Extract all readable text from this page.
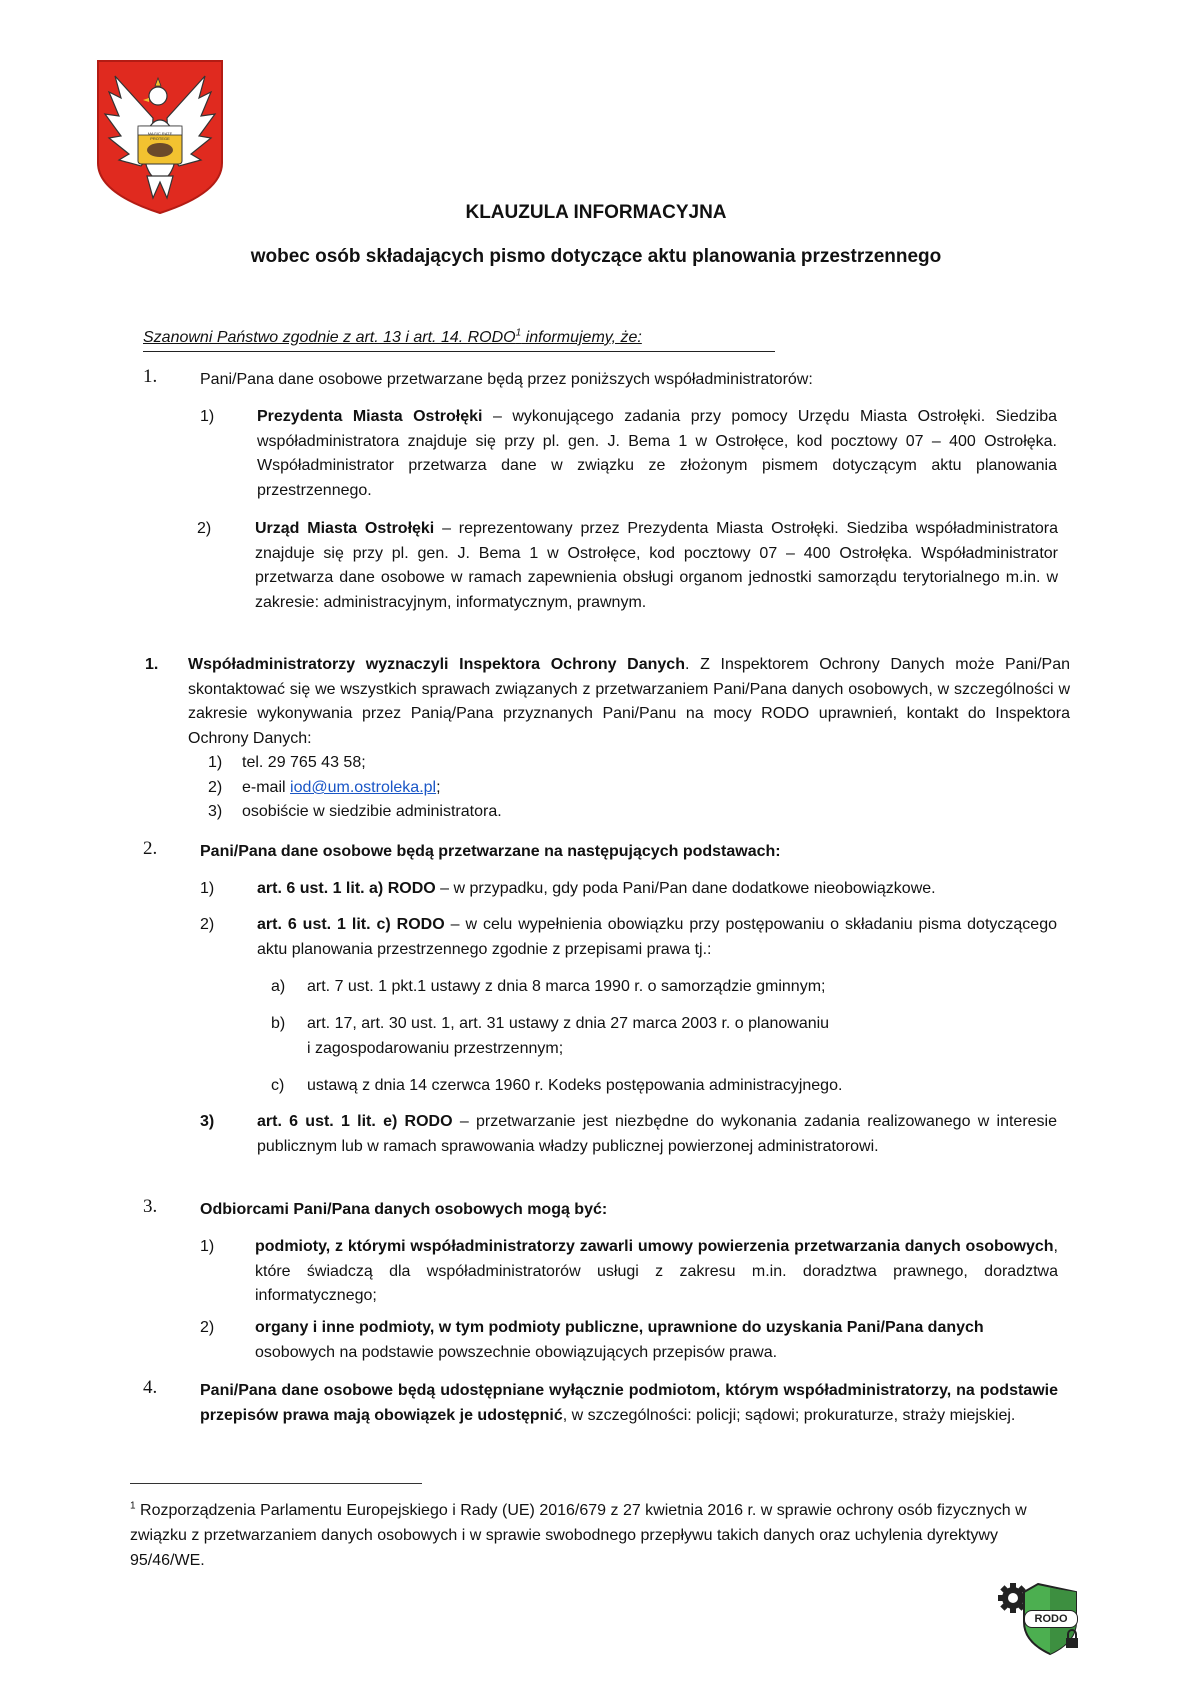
MAGIC RATE PROTEGE
KLAUZULA INFORMACYJNA
wobec osób składających pismo dotyczące aktu planowania przestrzennego
Szanowni Państwo zgodnie z art. 13 i art. 14. RODO$^1$ informujemy, że:
1.	Pani/Pana dane osobowe przetwarzane będą przez poniższych współadministratorów:
1)	Prezydenta Miasta Ostrołęki – wykonującego zadania przy pomocy Urzędu Miasta Ostrołęki. Siedziba współadministratora znajduje się przy pl. gen. J. Bema 1 w Ostrołęce, kod pocztowy 07 – 400 Ostrołęka. Współadministrator przetwarza dane w związku ze złożonym pismem dotyczącym aktu planowania przestrzennego.
2)	Urząd Miasta Ostrołęki – reprezentowany przez Prezydenta Miasta Ostrołęki. Siedziba współadministratora znajduje się przy pl. gen. J. Bema 1 w Ostrołęce, kod pocztowy 07 – 400 Ostrołęka. Współadministrator przetwarza dane osobowe w ramach zapewnienia obsługi organom jednostki samorządu terytorialnego m.in. w zakresie: administracyjnym, informatycznym, prawnym.
1. Współadministratorzy wyznaczyli Inspektora Ochrony Danych. Z Inspektorem Ochrony Danych może Pani/Pan skontaktować się we wszystkich sprawach związanych z przetwarzaniem Pani/Pana danych osobowych, w szczególności w zakresie wykonywania przez Panią/Pana przyznanych Pani/Panu na mocy RODO uprawnień, kontakt do Inspektora Ochrony Danych:
1) tel. 29 765 43 58;
2) e-mail iod@um.ostroleka.pl;
3) osobiście w siedzibie administratora.
2.	Pani/Pana dane osobowe będą przetwarzane na następujących podstawach:
1)	art. 6 ust. 1 lit. a) RODO – w przypadku, gdy poda Pani/Pan dane dodatkowe nieobowiązkowe.
2)	art. 6 ust. 1 lit. c) RODO – w celu wypełnienia obowiązku przy postępowaniu o składaniu pisma dotyczącego aktu planowania przestrzennego zgodnie z przepisami prawa tj.:
a) art. 7 ust. 1 pkt.1 ustawy z dnia 8 marca 1990 r. o samorządzie gminnym;
b) art. 17, art. 30 ust. 1, art. 31 ustawy z dnia 27 marca 2003 r. o planowaniu
i zagospodarowaniu przestrzennym;
c) ustawą z dnia 14 czerwca 1960 r. Kodeks postępowania administracyjnego.
3)	art. 6 ust. 1 lit. e) RODO – przetwarzanie jest niezbędne do wykonania zadania realizowanego w interesie publicznym lub w ramach sprawowania władzy publicznej powierzonej administratorowi.
3.	Odbiorcami Pani/Pana danych osobowych mogą być:
1)	podmioty, z którymi współadministratorzy zawarli umowy powierzenia przetwarzania danych osobowych, które świadczą dla współadministratorów usługi z zakresu m.in. doradztwa prawnego, doradztwa informatycznego;
2)	organy i inne podmioty, w tym podmioty publiczne, uprawnione do uzyskania Pani/Pana danych osobowych na podstawie powszechnie obowiązujących przepisów prawa.
4.	Pani/Pana dane osobowe będą udostępniane wyłącznie podmiotom, którym współadministratorzy, na podstawie przepisów prawa mają obowiązek je udostępnić, w szczególności: policji; sądowi; prokuraturze, straży miejskiej.
$^1$ Rozporządzenia Parlamentu Europejskiego i Rady (UE) 2016/679 z 27 kwietnia 2016 r. w sprawie ochrony osób fizycznych w związku z przetwarzaniem danych osobowych i w sprawie swobodnego przepływu takich danych oraz uchylenia dyrektywy 95/46/WE.
RODO
